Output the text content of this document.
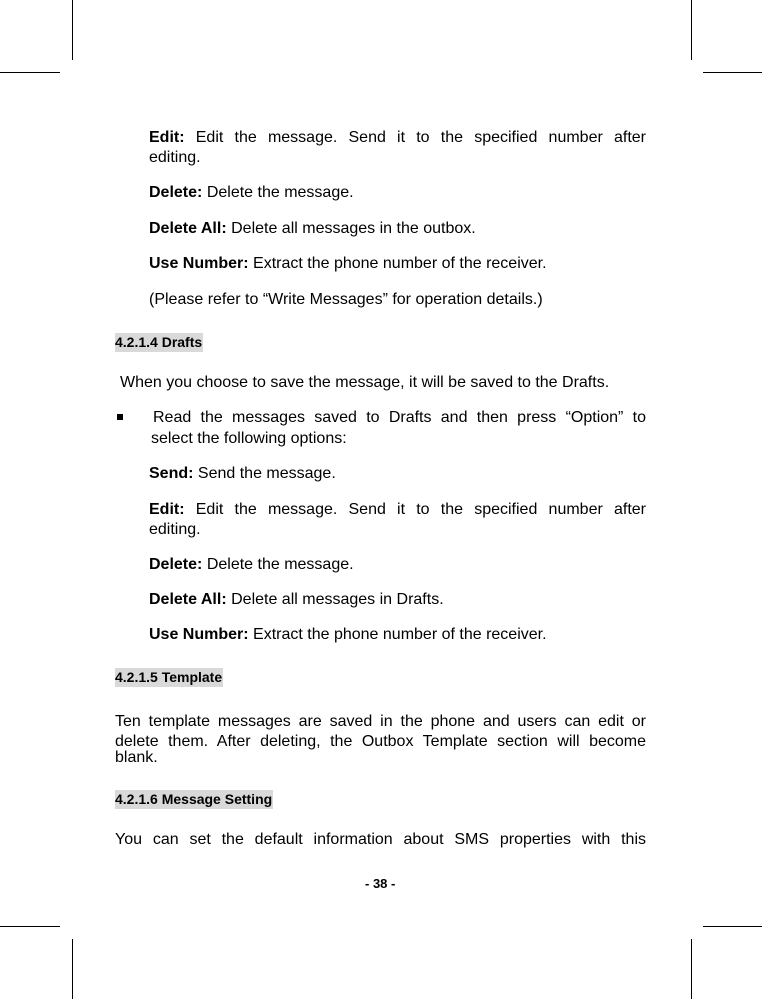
Edit: Edit the message. Send it to the specified number after
editing.
Delete: Delete the message.
Delete All: Delete all messages in the outbox.
Use Number: Extract the phone number of the receiver.
(Please refer to “Write Messages” for operation details.)
4.2.1.4 Drafts
When you choose to save the message, it will be saved to the Drafts.
Read the messages saved to Drafts and then press “Option” to
select the following options:
Send: Send the message.
Edit: Edit the message. Send it to the specified number after
editing.
Delete: Delete the message.
Delete All: Delete all messages in Drafts.
Use Number: Extract the phone number of the receiver.
4.2.1.5 Template
Ten template messages are saved in the phone and users can edit or
delete them. After deleting, the Outbox Template section will become
blank.
4.2.1.6 Message Setting
You can set the default information about SMS properties with this
- 38 -
